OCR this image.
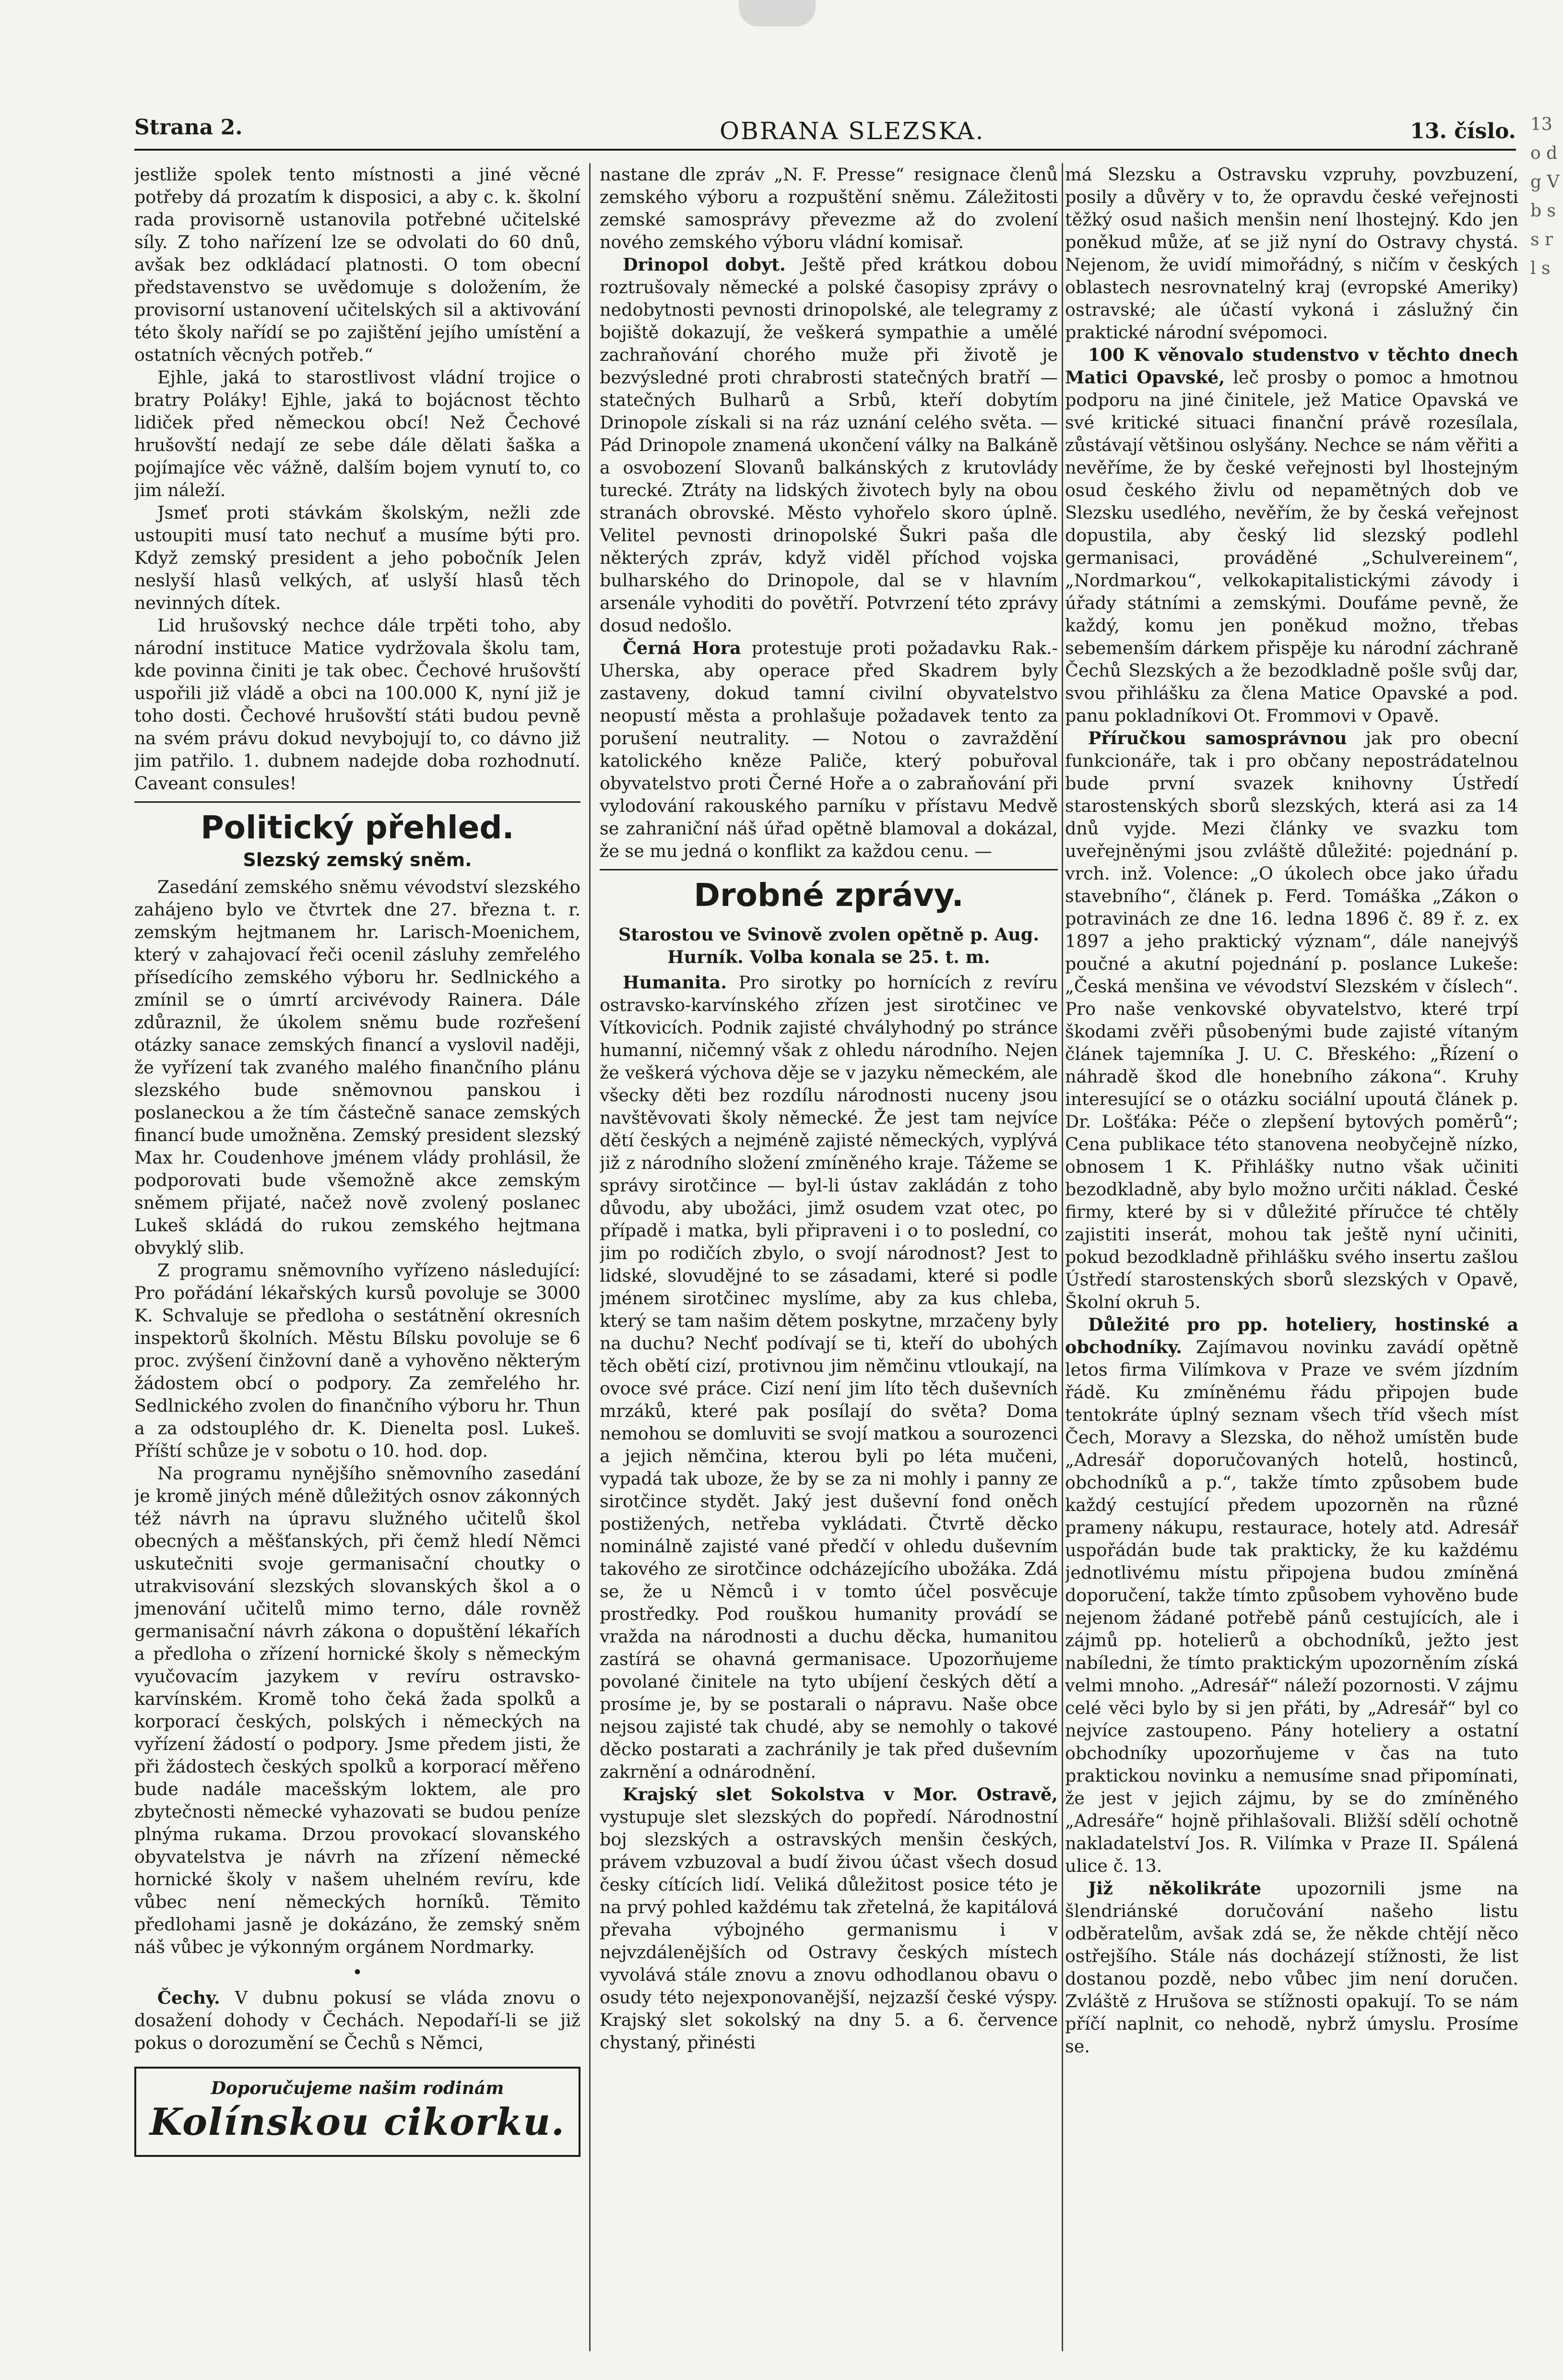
Strana 2.	OBRANA SLEZSKA.	13. číslo.

jestliže spolek tento místnosti a jiné věcné potřeby dá prozatím k disposici, a aby c. k. školní rada provisorně ustanovila potřebné učitelské síly. Z toho nařízení lze se odvolati do 60 dnů, avšak bez odkládací platnosti. O tom obecní představenstvo se uvědomuje s doložením, že provisorní ustanovení učitelských sil a aktivování této školy nařídí se po zajištění jejího umístění a ostatních věcných potřeb.“

Ejhle, jaká to starostlivost vládní trojice o bratry Poláky! Ejhle, jaká to bojácnost těchto lidiček před německou obcí! Než Čechové hrušovští nedají ze sebe dále dělati šaška a pojímajíce věc vážně, dalším bojem vynutí to, co jim náleží.

Jsmeť proti stávkám školským, nežli zde ustoupiti musí tato nechuť a musíme býti pro. Když zemský president a jeho pobočník Jelen neslyší hlasů velkých, ať uslyší hlasů těch nevinných dítek.

Lid hrušovský nechce dále trpěti toho, aby národní instituce Matice vydržovala školu tam, kde povinna činiti je tak obec. Čechové hrušovští uspořili již vládě a obci na 100.000 K, nyní již je toho dosti. Čechové hrušovští státi budou pevně na svém právu dokud nevybojují to, co dávno již jim patřilo. 1. dubnem nadejde doba rozhodnutí. Caveant consules!

Politický přehled.
Slezský zemský sněm.

Zasedání zemského sněmu vévodství slezského zahájeno bylo ve čtvrtek dne 27. března t. r. zemským hejtmanem hr. Larisch-Moenichem, který v zahajovací řeči ocenil zásluhy zemřelého přísedícího zemského výboru hr. Sedlnického a zmínil se o úmrtí arcivévody Rainera. Dále zdůraznil, že úkolem sněmu bude rozřešení otázky sanace zemských financí a vyslovil naději, že vyřízení tak zvaného malého finančního plánu slezského bude sněmovnou panskou i poslaneckou a že tím částečně sanace zemských financí bude umožněna. Zemský president slezský Max hr. Coudenhove jménem vlády prohlásil, že podporovati bude všemožně akce zemským sněmem přijaté, načež nově zvolený poslanec Lukeš skládá do rukou zemského hejtmana obvyklý slib.

Z programu sněmovního vyřízeno následující: Pro pořádání lékařských kursů povoluje se 3000 K. Schvaluje se předloha o sestátnění okresních inspektorů školních. Městu Bílsku povoluje se 6 proc. zvýšení činžovní daně a vyhověno některým žádostem obcí o podpory. Za zemřelého hr. Sedlnického zvolen do finančního výboru hr. Thun a za odstouplého dr. K. Dienelta posl. Lukeš. Příští schůze je v sobotu o 10. hod. dop.

Na programu nynějšího sněmovního zasedání je kromě jiných méně důležitých osnov zákonných též návrh na úpravu služného učitelů škol obecných a měšťanských, při čemž hledí Němci uskutečniti svoje germanisační choutky o utrakvisování slezských slovanských škol a o jmenování učitelů mimo terno, dále rovněž germanisační návrh zákona o dopuštění lékařích a předloha o zřízení hornické školy s německým vyučovacím jazykem v revíru ostravsko-karvínském. Kromě toho čeká žada spolků a korporací českých, polských i německých na vyřízení žádostí o podpory. Jsme předem jisti, že při žádostech českých spolků a korporací měřeno bude nadále macešským loktem, ale pro zbytečnosti německé vyhazovati se budou peníze plnýma rukama. Drzou provokací slovanského obyvatelstva je návrh na zřízení německé hornické školy v našem uhelném revíru, kde vůbec není německých horníků. Těmito předlohami jasně je dokázáno, že zemský sněm náš vůbec je výkonným orgánem Nordmarky.

•

Čechy. V dubnu pokusí se vláda znovu o dosažení dohody v Čechách. Nepodaří-li se již pokus o dorozumění se Čechů s Němci,

Doporučujeme našim rodinám
Kolínskou cikorku.

nastane dle zpráv „N. F. Presse“ resignace členů zemského výboru a rozpuštění sněmu. Záležitosti zemské samosprávy převezme až do zvolení nového zemského výboru vládní komisař.

Drinopol dobyt. Ještě před krátkou dobou roztrušovaly německé a polské časopisy zprávy o nedobytnosti pevnosti drinopolské, ale telegramy z bojiště dokazují, že veškerá sympathie a umělé zachraňování chorého muže při životě je bezvýsledné proti chrabrosti statečných bratří — statečných Bulharů a Srbů, kteří dobytím Drinopole získali si na ráz uznání celého světa. — Pád Drinopole znamená ukončení války na Balkáně a osvobození Slovanů balkánských z krutovlády turecké. Ztráty na lidských životech byly na obou stranách obrovské. Město vyhořelo skoro úplně. Velitel pevnosti drinopolské Šukri paša dle některých zpráv, když viděl příchod vojska bulharského do Drinopole, dal se v hlavním arsenále vyhoditi do povětří. Potvrzení této zprávy dosud nedošlo.

Černá Hora protestuje proti požadavku Rak.-Uherska, aby operace před Skadrem byly zastaveny, dokud tamní civilní obyvatelstvo neopustí města a prohlašuje požadavek tento za porušení neutrality. — Notou o zavraždění katolického kněze Paliče, který pobuřoval obyvatelstvo proti Černé Hoře a o zabraňování při vylodování rakouského parníku v přístavu Medvě se zahraniční náš úřad opětně blamoval a dokázal, že se mu jedná o konflikt za každou cenu. —

Drobné zprávy.

Starostou ve Svinově zvolen opětně p. Aug. Hurník. Volba konala se 25. t. m.

Humanita. Pro sirotky po hornících z revíru ostravsko-karvínského zřízen jest sirotčinec ve Vítkovicích. Podnik zajisté chvályhodný po stránce humanní, ničemný však z ohledu národního. Nejen že veškerá výchova děje se v jazyku německém, ale všecky děti bez rozdílu národnosti nuceny jsou navštěvovati školy německé. Že jest tam nejvíce dětí českých a nejméně zajisté německých, vyplývá již z národního složení zmíněného kraje. Tážeme se správy sirotčince — byl-li ústav zakládán z toho důvodu, aby ubožáci, jimž osudem vzat otec, po případě i matka, byli připraveni i o to poslední, co jim po rodičích zbylo, o svojí národnost? Jest to lidské, slovudějné to se zásadami, které si podle jménem sirotčinec myslíme, aby za kus chleba, který se tam našim dětem poskytne, mrzačeny byly na duchu? Nechť podívají se ti, kteří do ubohých těch obětí cizí, protivnou jim němčinu vtloukají, na ovoce své práce. Cizí není jim líto těch duševních mrzáků, které pak posílají do světa? Doma nemohou se domluviti se svojí matkou a sourozenci a jejich němčina, kterou byli po léta mučeni, vypadá tak uboze, že by se za ni mohly i panny ze sirotčince stydět. Jaký jest duševní fond oněch postižených, netřeba vykládati. Čtvrtě děcko nominálně zajisté vané předčí v ohledu duševním takového ze sirotčince odcházejícího ubožáka. Zdá se, že u Němců i v tomto účel posvěcuje prostředky. Pod rouškou humanity provádí se vražda na národnosti a duchu děcka, humanitou zastírá se ohavná germanisace. Upozorňujeme povolané činitele na tyto ubíjení českých dětí a prosíme je, by se postarali o nápravu. Naše obce nejsou zajisté tak chudé, aby se nemohly o takové děcko postarati a zachránily je tak před duševním zakrnění a odnárodnění.

Krajský slet Sokolstva v Mor. Ostravě, vystupuje slet slezských do popředí. Národnostní boj slezských a ostravských menšin českých, právem vzbuzoval a budí živou účast všech dosud česky cítících lidí. Veliká důležitost posice této je na prvý pohled každému tak zřetelná, že kapitálová převaha výbojného germanismu i v nejvzdálenějších od Ostravy českých místech vyvolává stále znovu a znovu odhodlanou obavu o osudy této nejexponovanější, nejzazší české výspy. Krajský slet sokolský na dny 5. a 6. července chystaný, přinésti

má Slezsku a Ostravsku vzpruhy, povzbuzení, posily a důvěry v to, že opravdu české veřejnosti těžký osud našich menšin není lhostejný. Kdo jen poněkud může, ať se již nyní do Ostravy chystá. Nejenom, že uvidí mimořádný, s ničím v českých oblastech nesrovnatelný kraj (evropské Ameriky) ostravské; ale účastí vykoná i záslužný čin praktické národní svépomoci.

100 K věnovalo studenstvo v těchto dnech Matici Opavské, leč prosby o pomoc a hmotnou podporu na jiné činitele, jež Matice Opavská ve své kritické situaci finanční právě rozesílala, zůstávají většinou oslyšány. Nechce se nám věřiti a nevěříme, že by české veřejnosti byl lhostejným osud českého živlu od nepamětných dob ve Slezsku usedlého, nevěřím, že by česká veřejnost dopustila, aby český lid slezský podlehl germanisaci, prováděné „Schulvereinem“, „Nordmarkou“, velkokapitalistickými závody i úřady státními a zemskými. Doufáme pevně, že každý, komu jen poněkud možno, třebas sebemenším dárkem přispěje ku národní záchraně Čechů Slezských a že bezodkladně pošle svůj dar, svou přihlášku za člena Matice Opavské a pod. panu pokladníkovi Ot. Frommovi v Opavě.

Příručkou samosprávnou jak pro obecní funkcionáře, tak i pro občany nepostrádatelnou bude první svazek knihovny Ústředí starostenských sborů slezských, která asi za 14 dnů vyjde. Mezi články ve svazku tom uveřejněnými jsou zvláště důležité: pojednání p. vrch. inž. Volence: „O úkolech obce jako úřadu stavebního“, článek p. Ferd. Tomáška „Zákon o potravinách ze dne 16. ledna 1896 č. 89 ř. z. ex 1897 a jeho praktický význam“, dále nanejvýš poučné a akutní pojednání p. poslance Lukeše: „Česká menšina ve vévodství Slezském v číslech“. Pro naše venkovské obyvatelstvo, které trpí škodami zvěři působenými bude zajisté vítaným článek tajemníka J. U. C. Břeského: „Řízení o náhradě škod dle honebního zákona“. Kruhy interesující se o otázku sociální upoutá článek p. Dr. Lošťáka: Péče o zlepšení bytových poměrů“; Cena publikace této stanovena neobyčejně nízko, obnosem 1 K. Přihlášky nutno však učiniti bezodkladně, aby bylo možno určiti náklad. České firmy, které by si v důležité příručce té chtěly zajistiti inserát, mohou tak ještě nyní učiniti, pokud bezodkladně přihlášku svého insertu zašlou Ústředí starostenských sborů slezských v Opavě, Školní okruh 5.

Důležité pro pp. hoteliery, hostinské a obchodníky. Zajímavou novinku zavádí opětně letos firma Vilímkova v Praze ve svém jízdním řádě. Ku zmíněnému řádu připojen bude tentokráte úplný seznam všech tříd všech míst Čech, Moravy a Slezska, do něhož umístěn bude „Adresář doporučovaných hotelů, hostinců, obchodníků a p.“, takže tímto způsobem bude každý cestující předem upozorněn na různé prameny nákupu, restaurace, hotely atd. Adresář uspořádán bude tak prakticky, že ku každému jednotlivému místu připojena budou zmíněná doporučení, takže tímto způsobem vyhověno bude nejenom žádané potřebě pánů cestujících, ale i zájmů pp. hotelierů a obchodníků, ježto jest nabíledni, že tímto praktickým upozorněním získá velmi mnoho. „Adresář“ náleží pozornosti. V zájmu celé věci bylo by si jen přáti, by „Adresář“ byl co nejvíce zastoupeno. Pány hoteliery a ostatní obchodníky upozorňujeme v čas na tuto praktickou novinku a nemusíme snad připomínati, že jest v jejich zájmu, by se do zmíněného „Adresáře“ hojně přihlašovali. Bližší sdělí ochotně nakladatelství Jos. R. Vilímka v Praze II. Spálená ulice č. 13.

Již několikráte upozornili jsme na šlendriánské doručování našeho listu odběratelům, avšak zdá se, že někde chtějí něco ostřejšího. Stále nás docházejí stížnosti, že list dostanou pozdě, nebo vůbec jim není doručen. Zvláště z Hrušova se stížnosti opakují. To se nám příčí naplnit, co nehodě, nybrž úmyslu. Prosíme se.

13 o d g V b s s r l s
